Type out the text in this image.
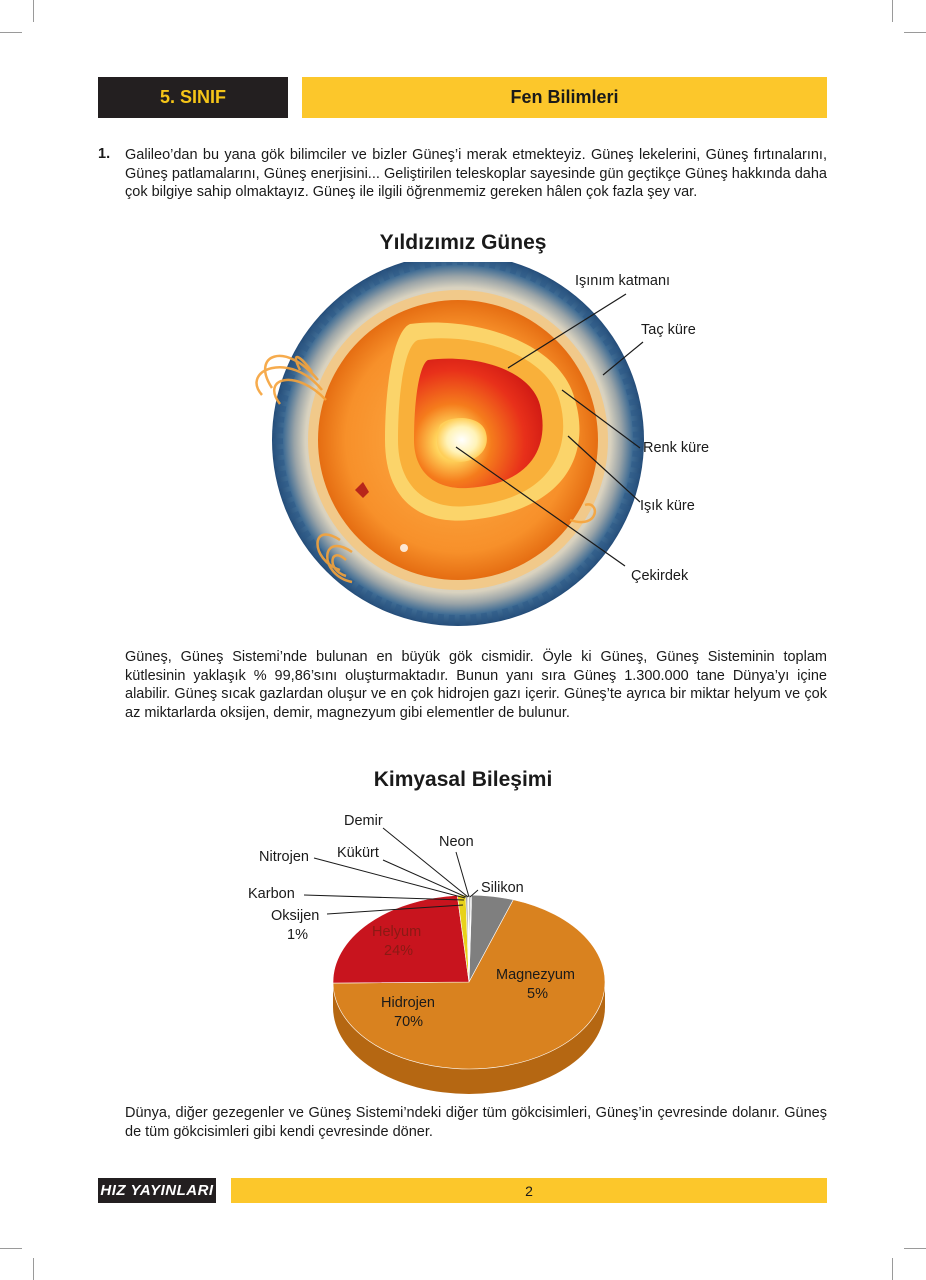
5. SINIF	Fen Bilimleri
1. Galileo’dan bu yana gök bilimciler ve bizler Güneş’i merak etmekteyiz. Güneş lekelerini, Güneş fırtınalarını, Güneş patlamalarını, Güneş enerjisini... Geliştirilen teleskoplar sayesinde gün geçtikçe Güneş hakkında daha çok bilgiye sahip olmaktayız. Güneş ile ilgili öğrenmemiz gereken hâlen çok fazla şey var.
Yıldızımız Güneş
Işınım katmanı
Taç küre
Renk küre
Işık küre
Çekirdek
Güneş, Güneş Sistemi’nde bulunan en büyük gök cismidir. Öyle ki Güneş, Güneş Sisteminin toplam kütlesinin yaklaşık % 99,86’sını oluşturmaktadır. Bunun yanı sıra Güneş 1.300.000 tane Dünya’yı içine alabilir. Güneş sıcak gazlardan oluşur ve en çok hidrojen gazı içerir. Güneş’te ayrıca bir miktar helyum ve çok az miktarlarda oksijen, demir, magnezyum gibi elementler de bulunur.
Kimyasal Bileşimi
Demir
Kükürt
Neon
Nitrojen
Silikon
Karbon
Oksijen
1%	Helyum
24%
Magnezyum
5%
Hidrojen
70%
Dünya, diğer gezegenler ve Güneş Sistemi’ndeki diğer tüm gökcisimleri, Güneş’in çevresinde dolanır. Güneş de tüm gökcisimleri gibi kendi çevresinde döner.
HIZ YAYINLARI	2
